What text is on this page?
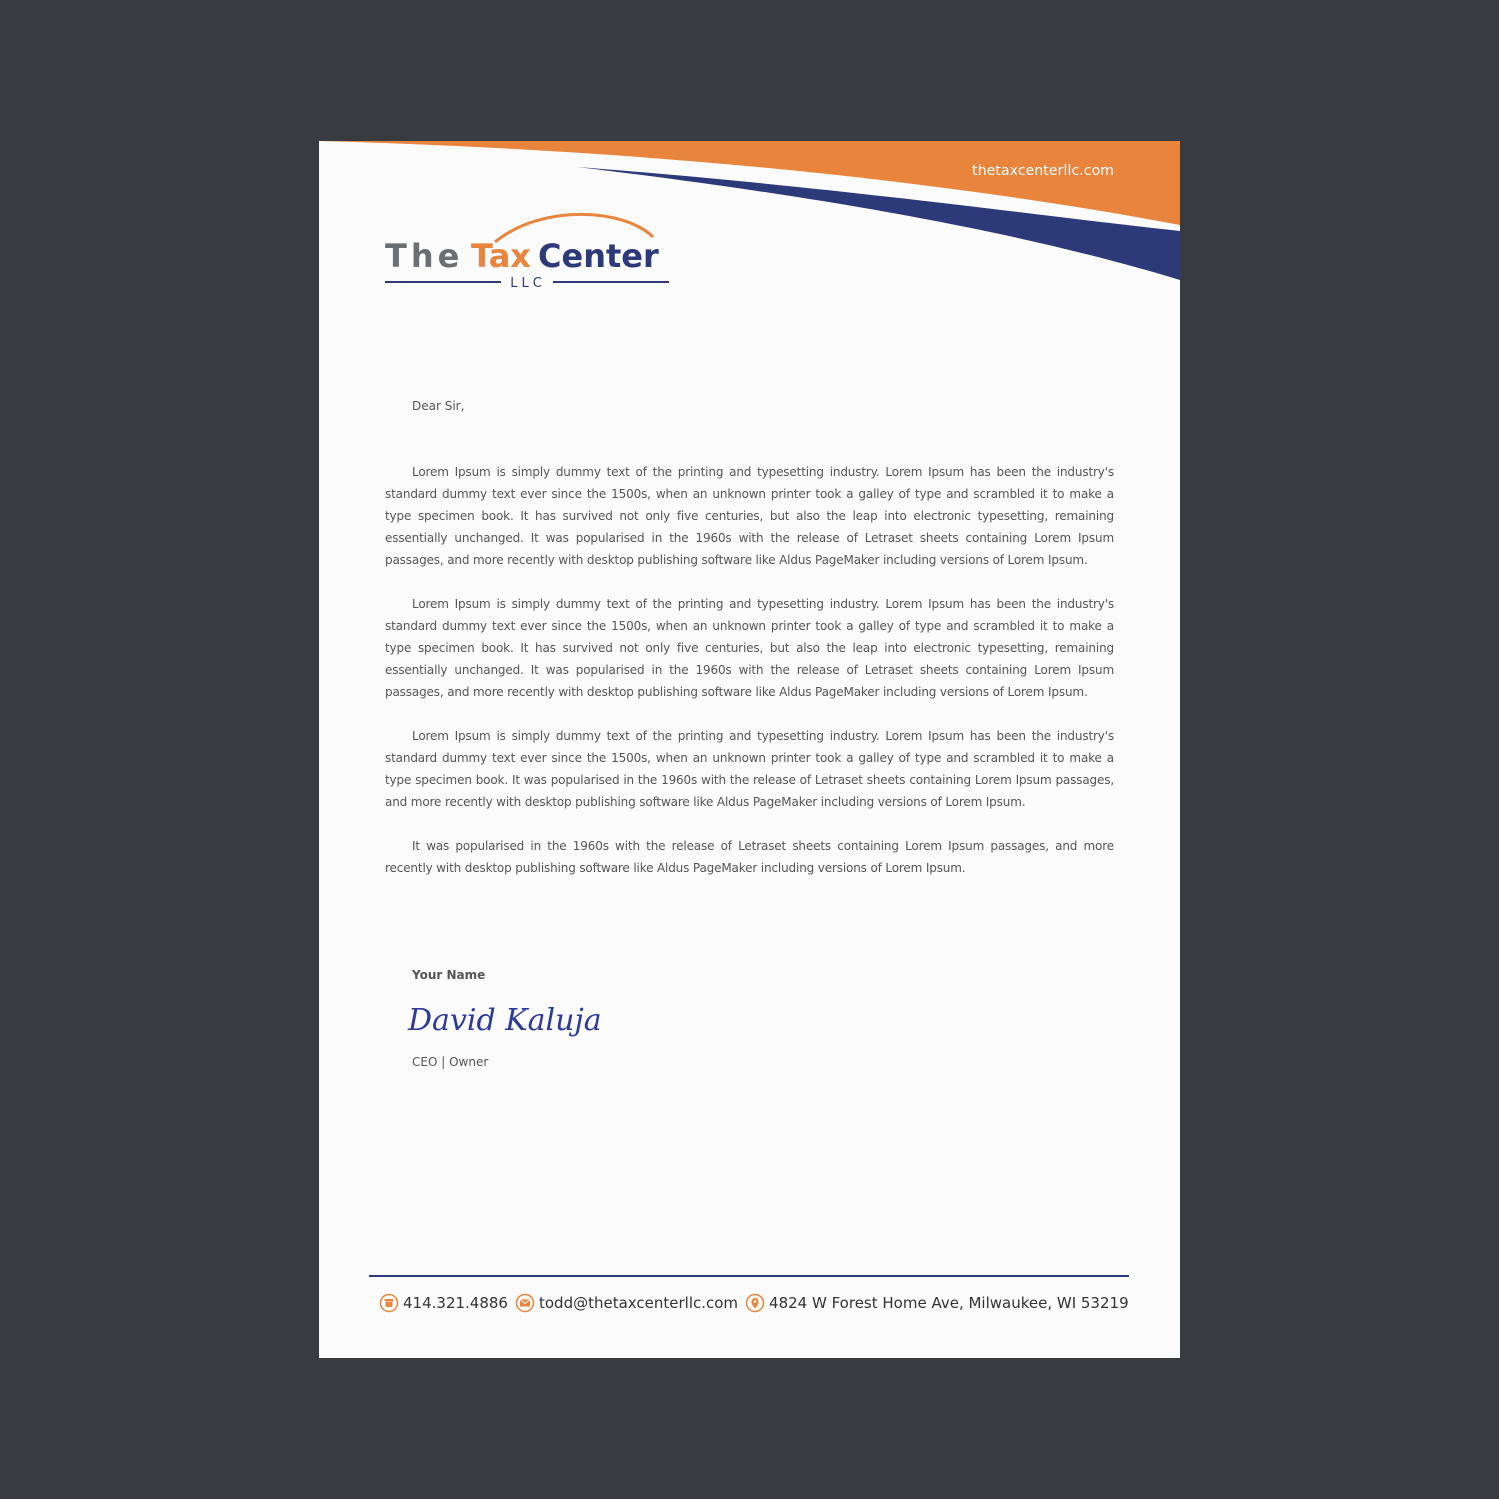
thetaxcenterllc.com
The Tax Center
LLC
Dear Sir,

Lorem Ipsum is simply dummy text of the printing and typesetting industry. Lorem Ipsum has been the industry's standard dummy text ever since the 1500s, when an unknown printer took a galley of type and scrambled it to make a type specimen book. It has survived not only five centuries, but also the leap into electronic typesetting, remaining essentially unchanged. It was popularised in the 1960s with the release of Letraset sheets containing Lorem Ipsum passages, and more recently with desktop publishing software like Aldus PageMaker including versions of Lorem Ipsum.

Lorem Ipsum is simply dummy text of the printing and typesetting industry. Lorem Ipsum has been the industry's standard dummy text ever since the 1500s, when an unknown printer took a galley of type and scrambled it to make a type specimen book. It has survived not only five centuries, but also the leap into electronic typesetting, remaining essentially unchanged. It was popularised in the 1960s with the release of Letraset sheets containing Lorem Ipsum passages, and more recently with desktop publishing software like Aldus PageMaker including versions of Lorem Ipsum.

Lorem Ipsum is simply dummy text of the printing and typesetting industry. Lorem Ipsum has been the industry's standard dummy text ever since the 1500s, when an unknown printer took a galley of type and scrambled it to make a type specimen book. It was popularised in the 1960s with the release of Letraset sheets containing Lorem Ipsum passages, and more recently with desktop publishing software like Aldus PageMaker including versions of Lorem Ipsum.

It was popularised in the 1960s with the release of Letraset sheets containing Lorem Ipsum passages, and more recently with desktop publishing software like Aldus PageMaker including versions of Lorem Ipsum.

Your Name
David Kaluja
CEO | Owner
414.321.4886 todd@thetaxcenterllc.com 4824 W Forest Home Ave, Milwaukee, WI 53219
